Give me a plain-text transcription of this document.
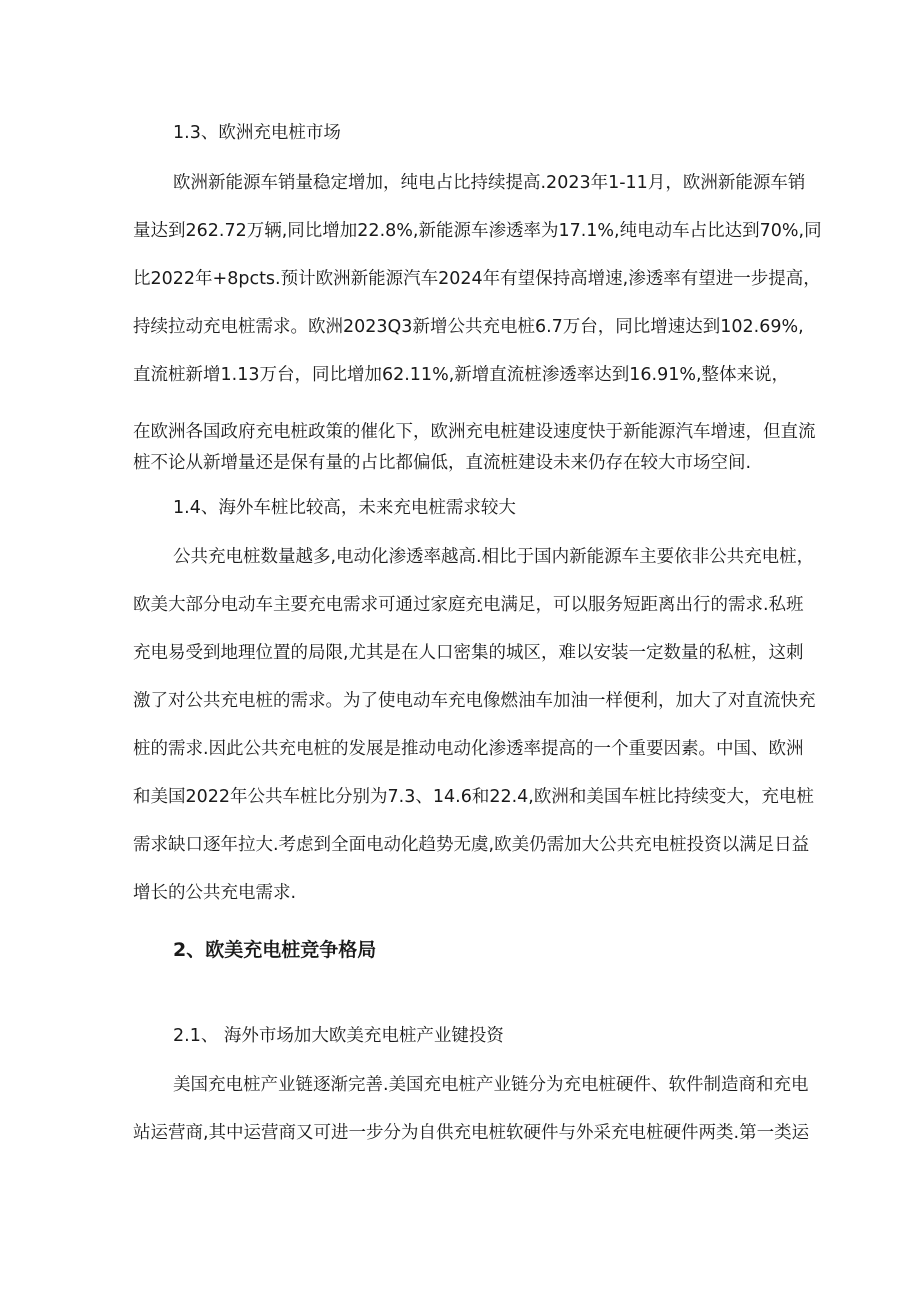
1.3、欧洲充电桩市场
欧洲新能源车销量稳定增加，纯电占比持续提高.2023年1-11月，欧洲新能源车销
量达到262.72万辆,同比增加22.8%,新能源车渗透率为17.1%,纯电动车占比达到70%,同
比2022年+8pcts.预计欧洲新能源汽车2024年有望保持高增速,渗透率有望进一步提高，
持续拉动充电桩需求。欧洲2023Q3新增公共充电桩6.7万台，同比增速达到102.69%,
直流桩新增1.13万台，同比增加62.11%,新增直流桩渗透率达到16.91%,整体来说，
在欧洲各国政府充电桩政策的催化下，欧洲充电桩建设速度快于新能源汽车增速，但直流
桩不论从新增量还是保有量的占比都偏低，直流桩建设未来仍存在较大市场空间.
1.4、海外车桩比较高，未来充电桩需求较大
公共充电桩数量越多,电动化渗透率越高.相比于国内新能源车主要依非公共充电桩，
欧美大部分电动车主要充电需求可通过家庭充电满足，可以服务短距离出行的需求.私班
充电易受到地理位置的局限,尤其是在人口密集的城区，难以安装一定数量的私桩，这刺
激了对公共充电桩的需求。为了使电动车充电像燃油车加油一样便利，加大了对直流快充
桩的需求.因此公共充电桩的发展是推动电动化渗透率提高的一个重要因素。中国、欧洲
和美国2022年公共车桩比分别为7.3、14.6和22.4,欧洲和美国车桩比持续变大，充电桩
需求缺口逐年拉大.考虑到全面电动化趋势无虞,欧美仍需加大公共充电桩投资以满足日益
增长的公共充电需求.
2、欧美充电桩竞争格局
2.1、 海外市场加大欧美充电桩产业键投资
美国充电桩产业链逐渐完善.美国充电桩产业链分为充电桩硬件、软件制造商和充电
站运营商,其中运营商又可进一步分为自供充电桩软硬件与外采充电桩硬件两类.第一类运
